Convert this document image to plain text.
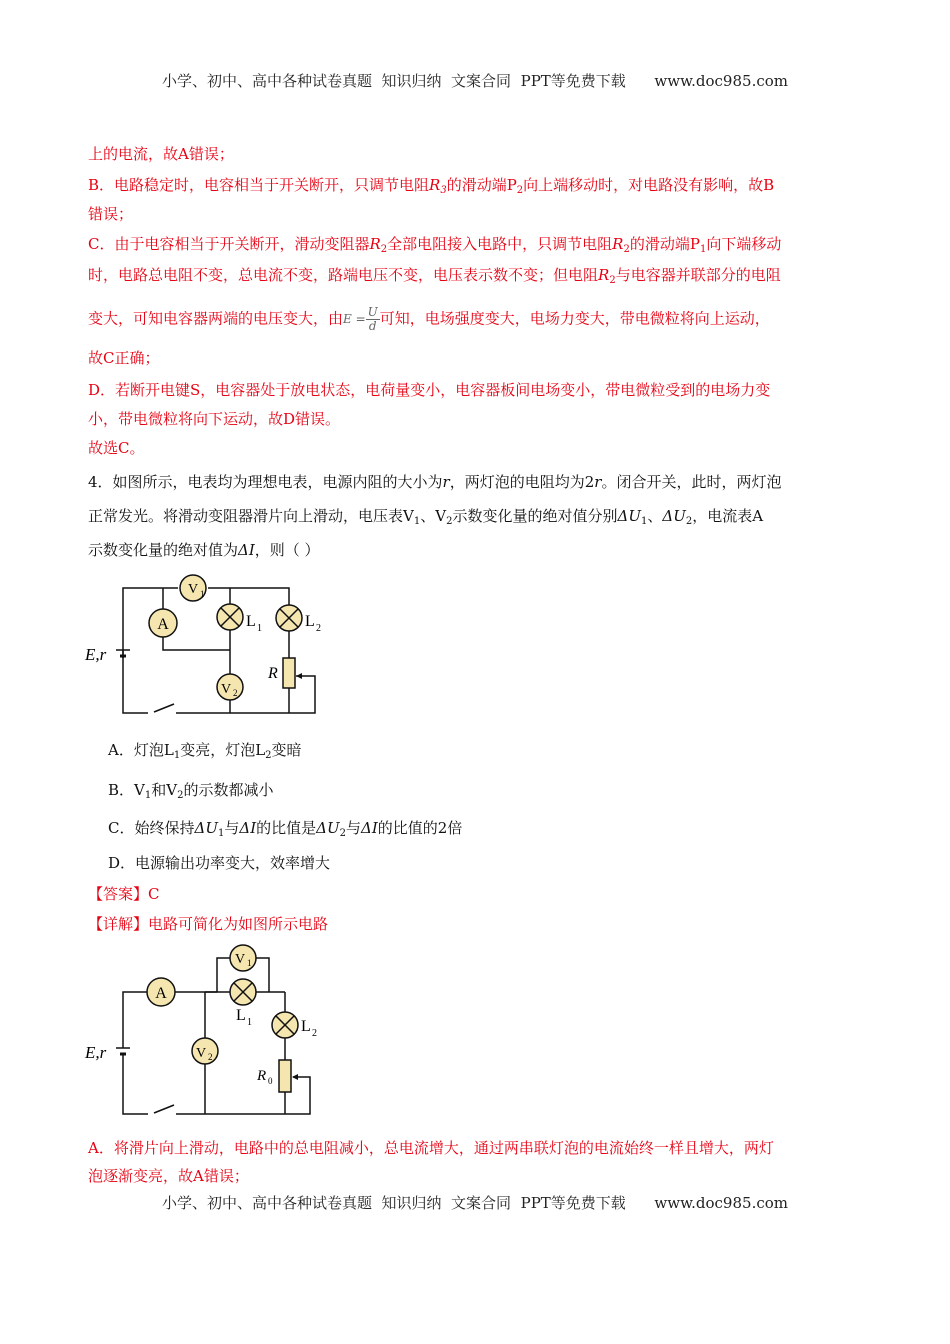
小学、初中、高中各种试卷真题  知识归纳  文案合同  PPT等免费下载      www.doc985.com
上的电流，故A错误；
B．电路稳定时，电容相当于开关断开，只调节电阻$R_3$的滑动端$P_2$向上端移动时，对电路没有影响，故B
错误；
C．由于电容相当于开关断开，滑动变阻器$R_2$全部电阻接入电路中，只调节电阻$R_2$的滑动端$P_1$向下端移动
时，电路总电阻不变，总电流不变，路端电压不变，电压表示数不变；但电阻$R_2$与电容器并联部分的电阻
变大，可知电容器两端的电压变大，由$E = \frac{U}{d}$ 可知，电场强度变大，电场力变大，带电微粒将向上运动，
故C正确；
D．若断开电键S，电容器处于放电状态，电荷量变小，电容器板间电场变小，带电微粒受到的电场力变
小，带电微粒将向下运动，故D错误。
故选C。
4．如图所示，电表均为理想电表，电源内阻的大小为r，两灯泡的电阻均为2r。闭合开关，此时，两灯泡
正常发光。将滑动变阻器滑片向上滑动，电压表$V_1$、$V_2$示数变化量的绝对值分别$\Delta U_1$、$\Delta U_2$，电流表A
示数变化量的绝对值为ΔI，则（ ）
V 1
A	L 1	L 2
E,r
V 2
R
A．灯泡$L_1$变亮，灯泡$L_2$变暗
B．$V_1$和$V_2$的示数都减小
C．始终保持$\Delta U_1$与ΔI的比值是$\Delta U_2$与ΔI的比值的2倍
D．电源输出功率变大，效率增大
【答案】C
【详解】电路可简化为如图所示电路
A
V 1
L 1	L 2
E,r	V 2
R 0
A．将滑片向上滑动，电路中的总电阻减小，总电流增大，通过两串联灯泡的电流始终一样且增大，两灯
泡逐渐变亮，故A错误；
小学、初中、高中各种试卷真题  知识归纳  文案合同  PPT等免费下载      www.doc985.com
